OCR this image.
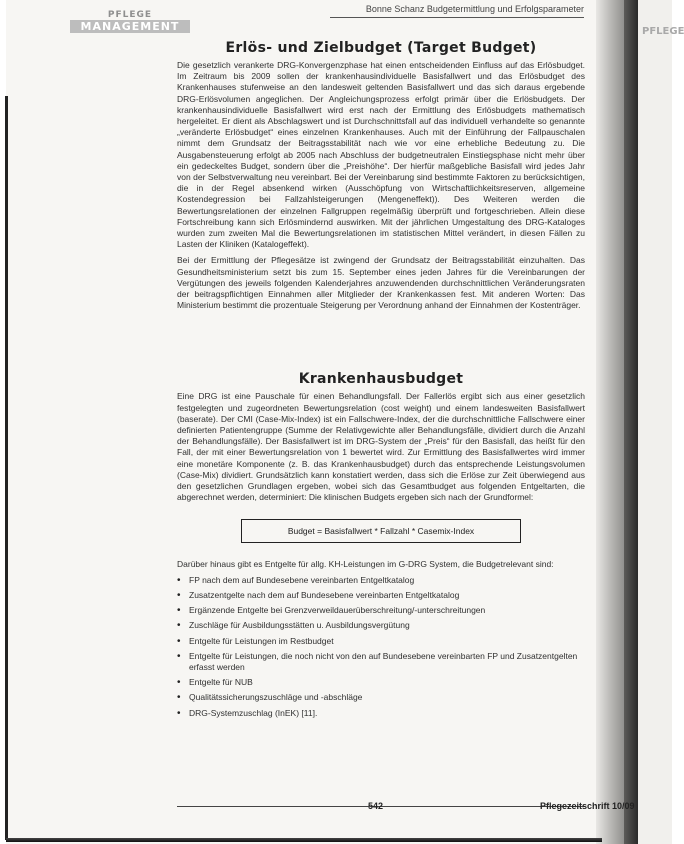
PFLEGE
PFLEGE
MANAGEMENT
Bonne Schanz Budgetermittlung und Erfolgsparameter
Erlös- und Zielbudget (Target Budget)

Die gesetzlich verankerte DRG-Konvergenzphase hat einen entscheidenden Einfluss auf das Erlösbudget. Im Zeitraum bis 2009 sollen der krankenhausindividuelle Basisfallwert und das Erlösbudget des Krankenhauses stufenweise an den landesweit geltenden Basisfallwert und das sich daraus ergebende DRG-Erlösvolumen angeglichen. Der Angleichungsprozess erfolgt primär über die Erlösbudgets. Der krankenhausindividuelle Basisfallwert wird erst nach der Ermittlung des Erlösbudgets mathematisch hergeleitet. Er dient als Abschlagswert und ist Durchschnittsfall auf das individuell verhandelte so genannte „veränderte Erlösbudget“ eines einzelnen Krankenhauses. Auch mit der Einführung der Fallpauschalen nimmt dem Grundsatz der Beitragsstabilität nach wie vor eine erhebliche Bedeutung zu. Die Ausgabensteuerung erfolgt ab 2005 nach Abschluss der budgetneutralen Einstiegsphase nicht mehr über ein gedeckeltes Budget, sondern über die „Preishöhe“. Der hierfür maßgebliche Basisfall wird jedes Jahr von der Selbstverwaltung neu vereinbart. Bei der Vereinbarung sind bestimmte Faktoren zu berücksichtigen, die in der Regel absenkend wirken (Ausschöpfung von Wirtschaftlichkeitsreserven, allgemeine Kostendegression bei Fallzahlsteigerungen (Mengeneffekt)). Des Weiteren werden die Bewertungsrelationen der einzelnen Fallgruppen regelmäßig überprüft und fortgeschrieben. Allein diese Fortschreibung kann sich Erlösmindernd auswirken. Mit der jährlichen Umgestaltung des DRG-Kataloges wurden zum zweiten Mal die Bewertungsrelationen im statistischen Mittel verändert, in diesen Fällen zu Lasten der Kliniken (Katalogeffekt).

Bei der Ermittlung der Pflegesätze ist zwingend der Grundsatz der Beitragsstabilität einzuhalten. Das Gesundheitsministerium setzt bis zum 15. September eines jeden Jahres für die Vereinbarungen der Vergütungen des jeweils folgenden Kalenderjahres anzuwendenden durchschnittlichen Veränderungsraten der beitragspflichtigen Einnahmen aller Mitglieder der Krankenkassen fest. Mit anderen Worten: Das Ministerium bestimmt die prozentuale Steigerung per Verordnung anhand der Einnahmen der Kostenträger.

Krankenhausbudget

Eine DRG ist eine Pauschale für einen Behandlungsfall. Der Fallerlös ergibt sich aus einer gesetzlich festgelegten und zugeordneten Bewertungsrelation (cost weight) und einem landesweiten Basisfallwert (baserate). Der CMI (Case-Mix-Index) ist ein Fallschwere-Index, der die durchschnittliche Fallschwere einer definierten Patientengruppe (Summe der Relativgewichte aller Behandlungsfälle, dividiert durch die Anzahl der Behandlungsfälle). Der Basisfallwert ist im DRG-System der „Preis“ für den Basisfall, das heißt für den Fall, der mit einer Bewertungsrelation von 1 bewertet wird. Zur Ermittlung des Basisfallwertes wird immer eine monetäre Komponente (z. B. das Krankenhausbudget) durch das entsprechende Leistungsvolumen (Case-Mix) dividiert. Grundsätzlich kann konstatiert werden, dass sich die Erlöse zur Zeit überwiegend aus den gesetzlichen Grundlagen ergeben, wobei sich das Gesamtbudget aus folgenden Entgeltarten, die abgerechnet werden, determiniert: Die klinischen Budgets ergeben sich nach der Grundformel:

Budget = Basisfallwert * Fallzahl * Casemix-Index

Darüber hinaus gibt es Entgelte für allg. KH-Leistungen im G-DRG System, die Budgetrelevant sind:

• FP nach dem auf Bundesebene vereinbarten Entgeltkatalog
• Zusatzentgelte nach dem auf Bundesebene vereinbarten Entgeltkatalog
• Ergänzende Entgelte bei Grenzverweildauerüberschreitung/-unterschreitungen
• Zuschläge für Ausbildungsstätten u. Ausbildungsvergütung
• Entgelte für Leistungen im Restbudget
• Entgelte für Leistungen, die noch nicht von den auf Bundesebene vereinbarten FP und Zusatzentgelten erfasst werden
• Entgelte für NUB
• Qualitätssicherungszuschläge und -abschläge
• DRG-Systemzuschlag (InEK) [11].
542	Pflegezeitschrift 10/09
